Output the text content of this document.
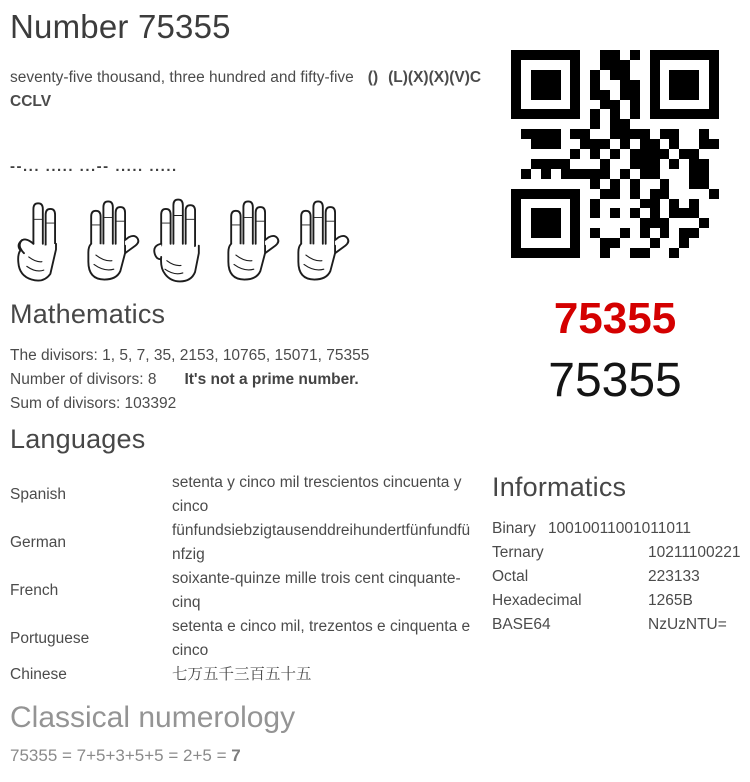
Number 75355

seventy-five thousand, three hundred and fifty-five () (L)(X)(X)(V)CCCLV

--... ..... ...-- ..... .....
Mathematics
The divisors: 1, 5, 7, 35, 2153, 10765, 15071, 75355
Number of divisors: 8 It's not a prime number.
Sum of divisors: 103392
75355
75355
Languages
Spanish
setenta y cinco mil trescientos cincuenta y cinco
German
fünfundsiebzigtausenddreihundertfünfundfünfzig
French
soixante-quinze mille trois cent cinquante-cinq
Portuguese
setenta e cinco mil, trezentos e cinquenta e cinco
Chinese	七万五千三百五十五
Informatics
Binary 10010011001011011
Ternary	10211100221
Octal	223133
Hexadecimal	1265B
BASE64	NzUzNTU=
Classical numerology
75355 = 7+5+3+5+5 = 2+5 = 7
